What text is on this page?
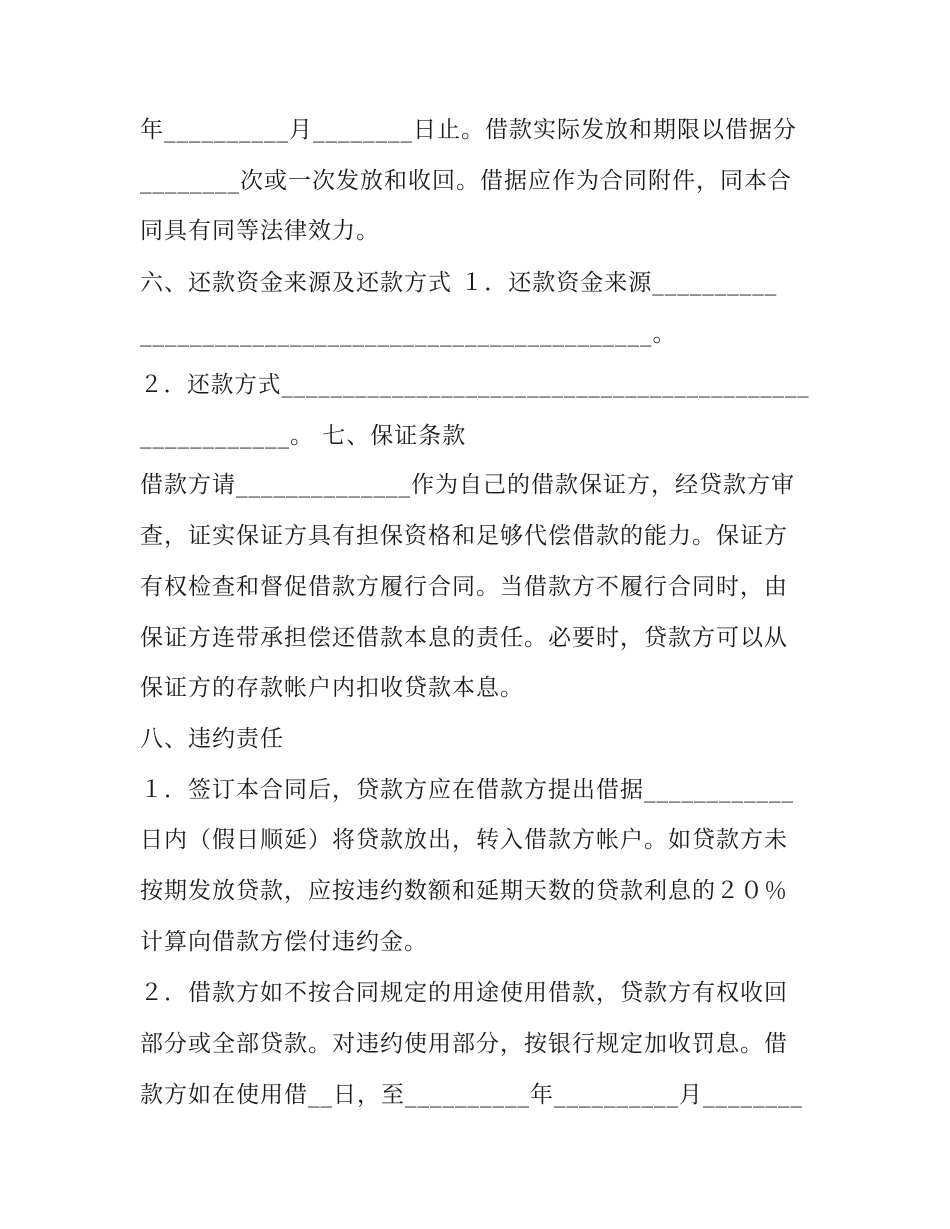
年__________月________日止。借款实际发放和期限以借据分
________次或一次发放和收回。借据应作为合同附件，同本合
同具有同等法律效力。
六、还款资金来源及还款方式 １．还款资金来源__________
_________________________________________。
２．还款方式___________________________________________
____________。 七、保证条款
借款方请______________作为自己的借款保证方，经贷款方审
查，证实保证方具有担保资格和足够代偿借款的能力。保证方
有权检查和督促借款方履行合同。当借款方不履行合同时，由
保证方连带承担偿还借款本息的责任。必要时，贷款方可以从
保证方的存款帐户内扣收贷款本息。
八、违约责任
１．签订本合同后，贷款方应在借款方提出借据____________
日内（假日顺延）将贷款放出，转入借款方帐户。如贷款方未
按期发放贷款，应按违约数额和延期天数的贷款利息的２０％
计算向借款方偿付违约金。
２．借款方如不按合同规定的用途使用借款，贷款方有权收回
部分或全部贷款。对违约使用部分，按银行规定加收罚息。借
款方如在使用借__日，至__________年__________月________
